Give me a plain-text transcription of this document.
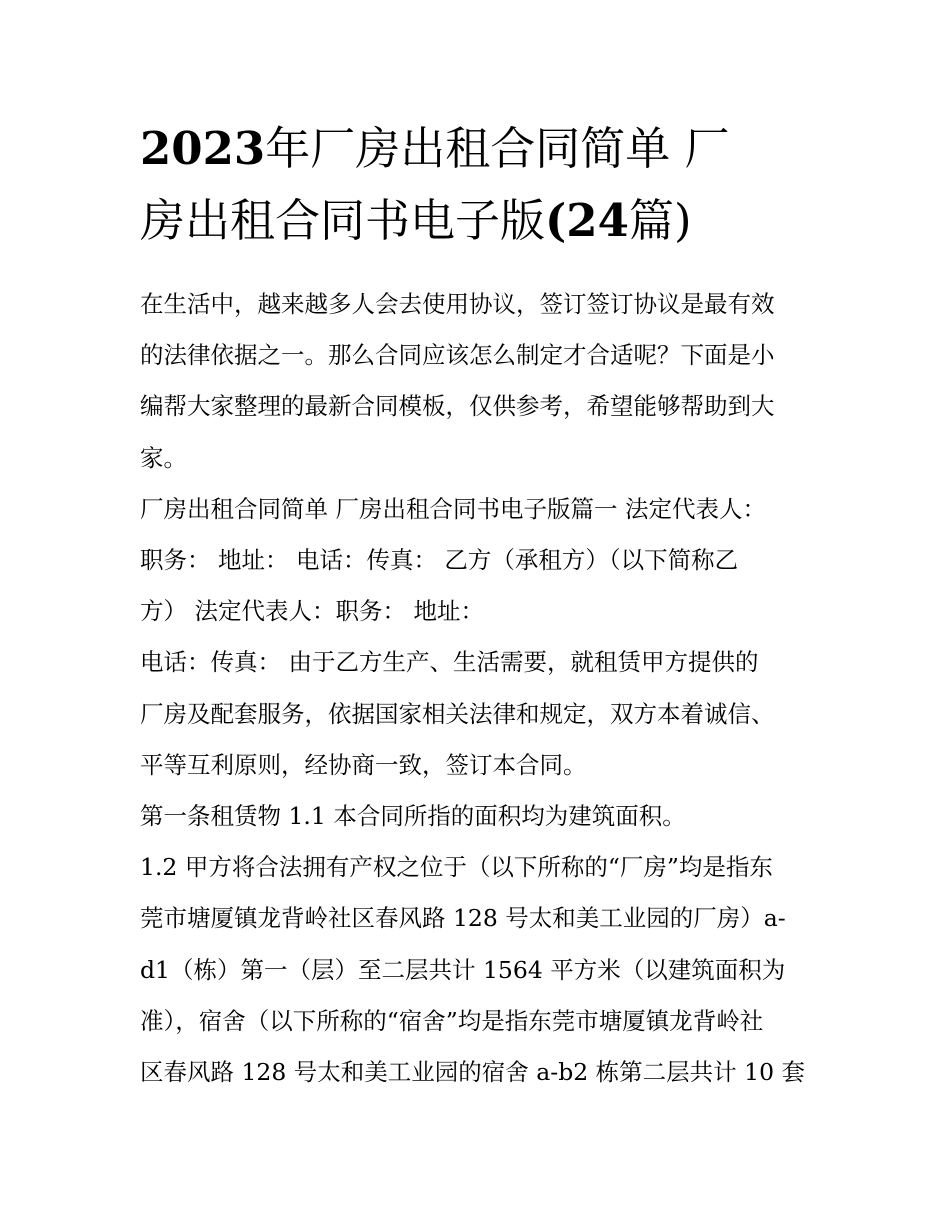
2023年厂房出租合同简单 厂
房出租合同书电子版(24篇)

在生活中，越来越多人会去使用协议，签订签订协议是最有效
的法律依据之一。那么合同应该怎么制定才合适呢？下面是小
编帮大家整理的最新合同模板，仅供参考，希望能够帮助到大
家。

厂房出租合同简单 厂房出租合同书电子版篇一 法定代表人：
职务： 地址： 电话：传真： 乙方（承租方）（以下简称乙
方） 法定代表人：职务： 地址：

电话：传真： 由于乙方生产、生活需要，就租赁甲方提供的
厂房及配套服务，依据国家相关法律和规定，双方本着诚信、
平等互利原则，经协商一致，签订本合同。

第一条租赁物 1.1 本合同所指的面积均为建筑面积。

1.2 甲方将合法拥有产权之位于（以下所称的“厂房”均是指东
莞市塘厦镇龙背岭社区春风路 128 号太和美工业园的厂房）a-
d1（栋）第一（层）至二层共计 1564 平方米（以建筑面积为
准），宿舍（以下所称的“宿舍”均是指东莞市塘厦镇龙背岭社
区春风路 128 号太和美工业园的宿舍 a-b2 栋第二层共计 10 套
